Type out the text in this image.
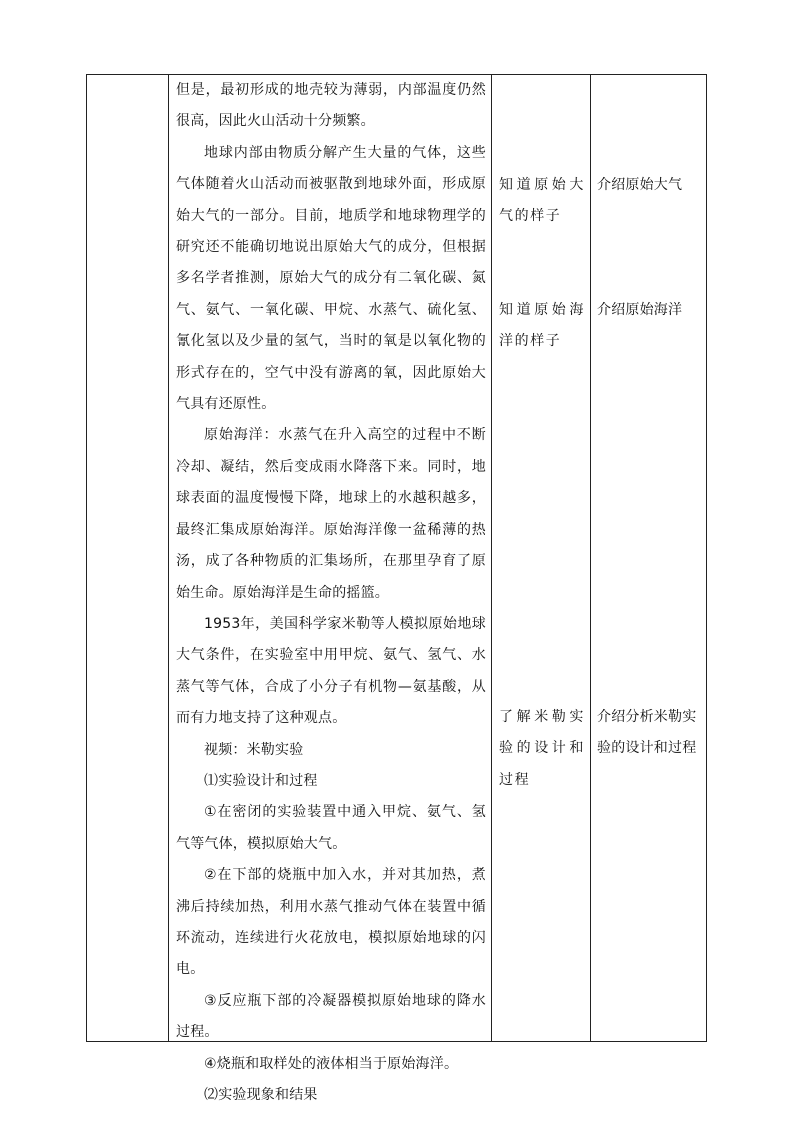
但是，最初形成的地壳较为薄弱，内部温度仍然很高，因此火山活动十分频繁。

地球内部由物质分解产生大量的气体，这些气体随着火山活动而被驱散到地球外面，形成原始大气的一部分。目前，地质学和地球物理学的研究还不能确切地说出原始大气的成分，但根据多名学者推测，原始大气的成分有二氧化碳、氮气、氨气、一氧化碳、甲烷、水蒸气、硫化氢、氰化氢以及少量的氢气，当时的氧是以氧化物的形式存在的，空气中没有游离的氧，因此原始大气具有还原性。

原始海洋：水蒸气在升入高空的过程中不断冷却、凝结，然后变成雨水降落下来。同时，地球表面的温度慢慢下降，地球上的水越积越多，最终汇集成原始海洋。原始海洋像一盆稀薄的热汤，成了各种物质的汇集场所，在那里孕育了原始生命。原始海洋是生命的摇篮。

1953年，美国科学家米勒等人模拟原始地球大气条件，在实验室中用甲烷、氨气、氢气、水蒸气等气体，合成了小分子有机物—氨基酸，从而有力地支持了这种观点。

视频：米勒实验

⑴实验设计和过程

①在密闭的实验装置中通入甲烷、氨气、氢气等气体，模拟原始大气。

②在下部的烧瓶中加入水，并对其加热，煮沸后持续加热，利用水蒸气推动气体在装置中循环流动，连续进行火花放电，模拟原始地球的闪电。

③反应瓶下部的冷凝器模拟原始地球的降水过程。

④烧瓶和取样处的液体相当于原始海洋。

⑵实验现象和结果

知道原始大气的样子

知道原始海洋的样子

了解米勒实验的设计和过程

介绍原始大气

介绍原始海洋

介绍分析米勒实验的设计和过程
